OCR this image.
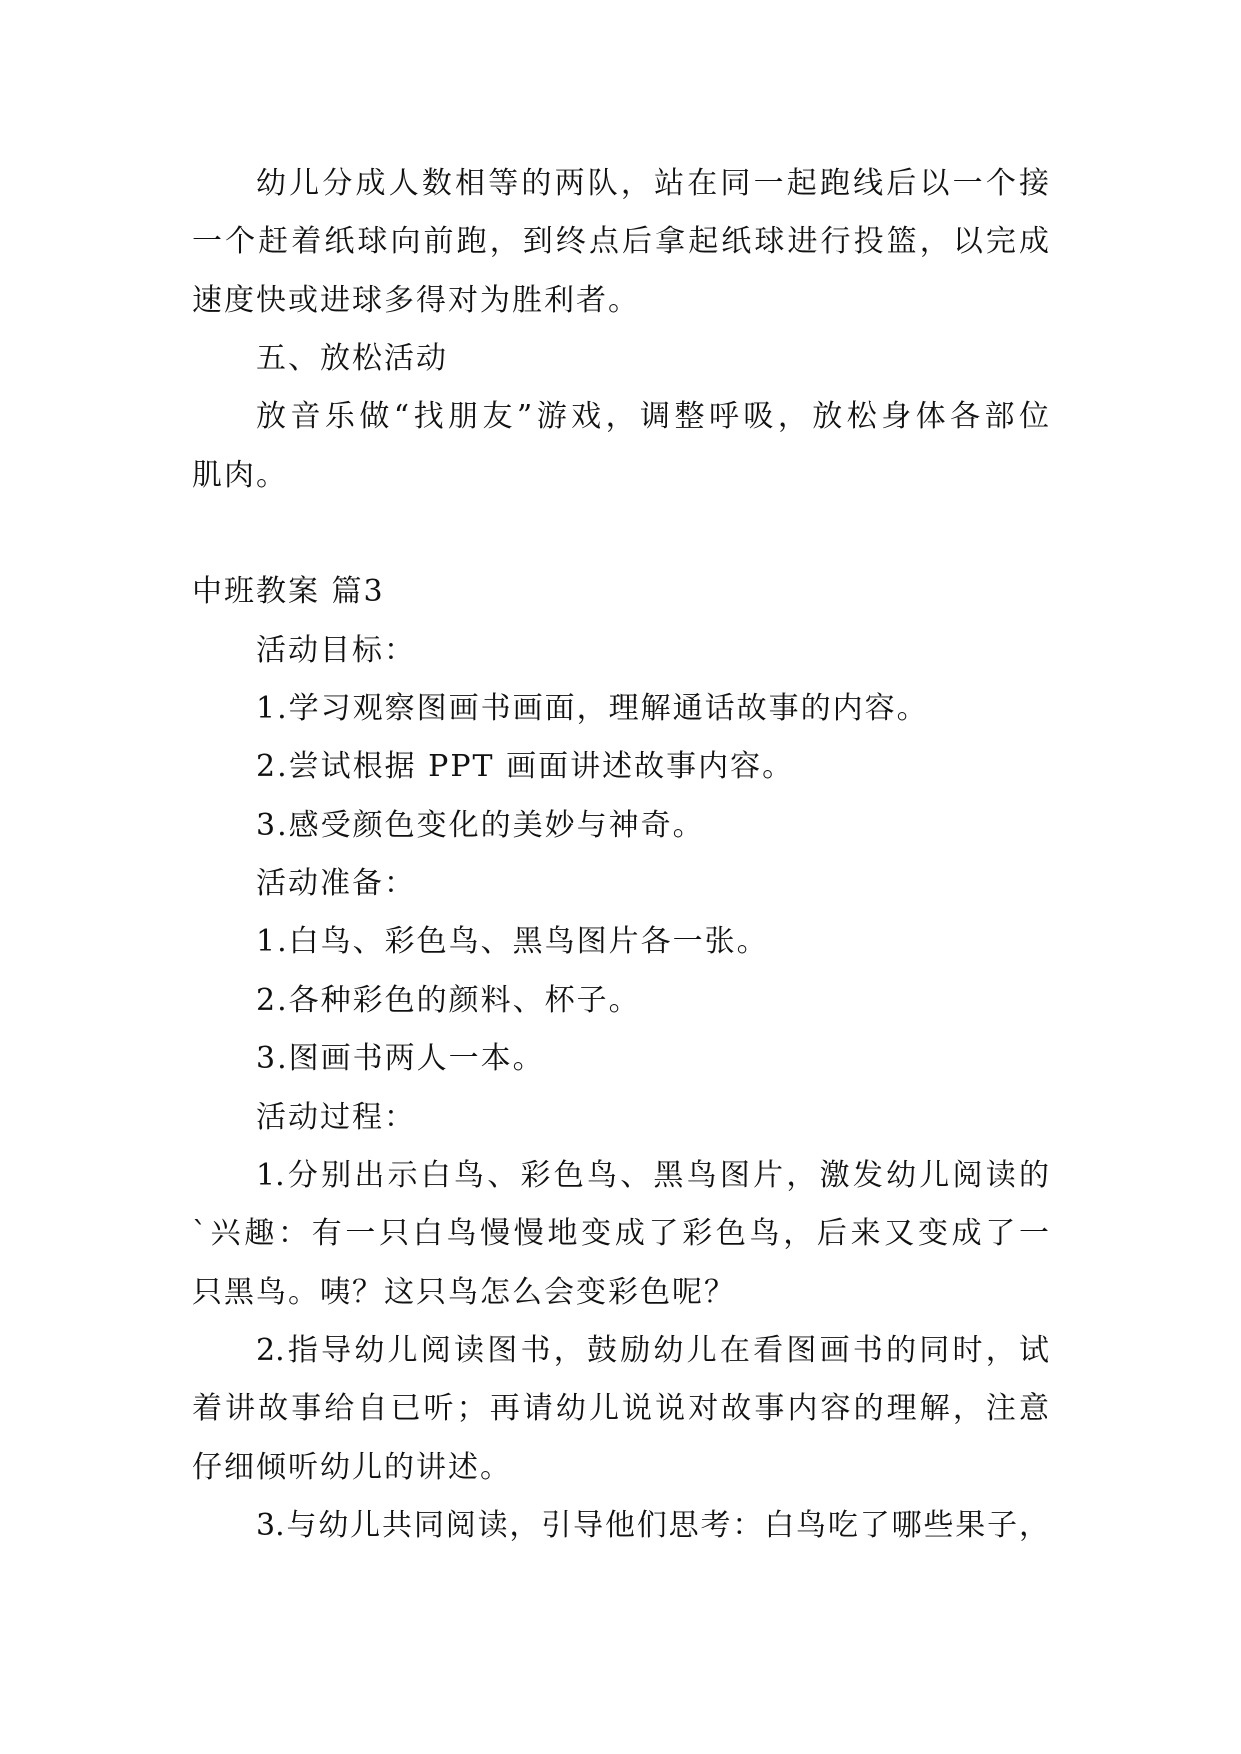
幼儿分成人数相等的两队，站在同一起跑线后以一个接
一个赶着纸球向前跑，到终点后拿起纸球进行投篮，以完成
速度快或进球多得对为胜利者。
五、放松活动
放音乐做“找朋友”游戏，调整呼吸，放松身体各部位
肌肉。
中班教案 篇3
活动目标：
1.学习观察图画书画面，理解通话故事的内容。
2.尝试根据 PPT 画面讲述故事内容。
3.感受颜色变化的美妙与神奇。
活动准备：
1.白鸟、彩色鸟、黑鸟图片各一张。
2.各种彩色的颜料、杯子。
3.图画书两人一本。
活动过程：
1.分别出示白鸟、彩色鸟、黑鸟图片，激发幼儿阅读的
`兴趣：有一只白鸟慢慢地变成了彩色鸟，后来又变成了一
只黑鸟。咦？这只鸟怎么会变彩色呢？
2.指导幼儿阅读图书，鼓励幼儿在看图画书的同时，试
着讲故事给自已听；再请幼儿说说对故事内容的理解，注意
仔细倾听幼儿的讲述。
3.与幼儿共同阅读，引导他们思考：白鸟吃了哪些果子，
